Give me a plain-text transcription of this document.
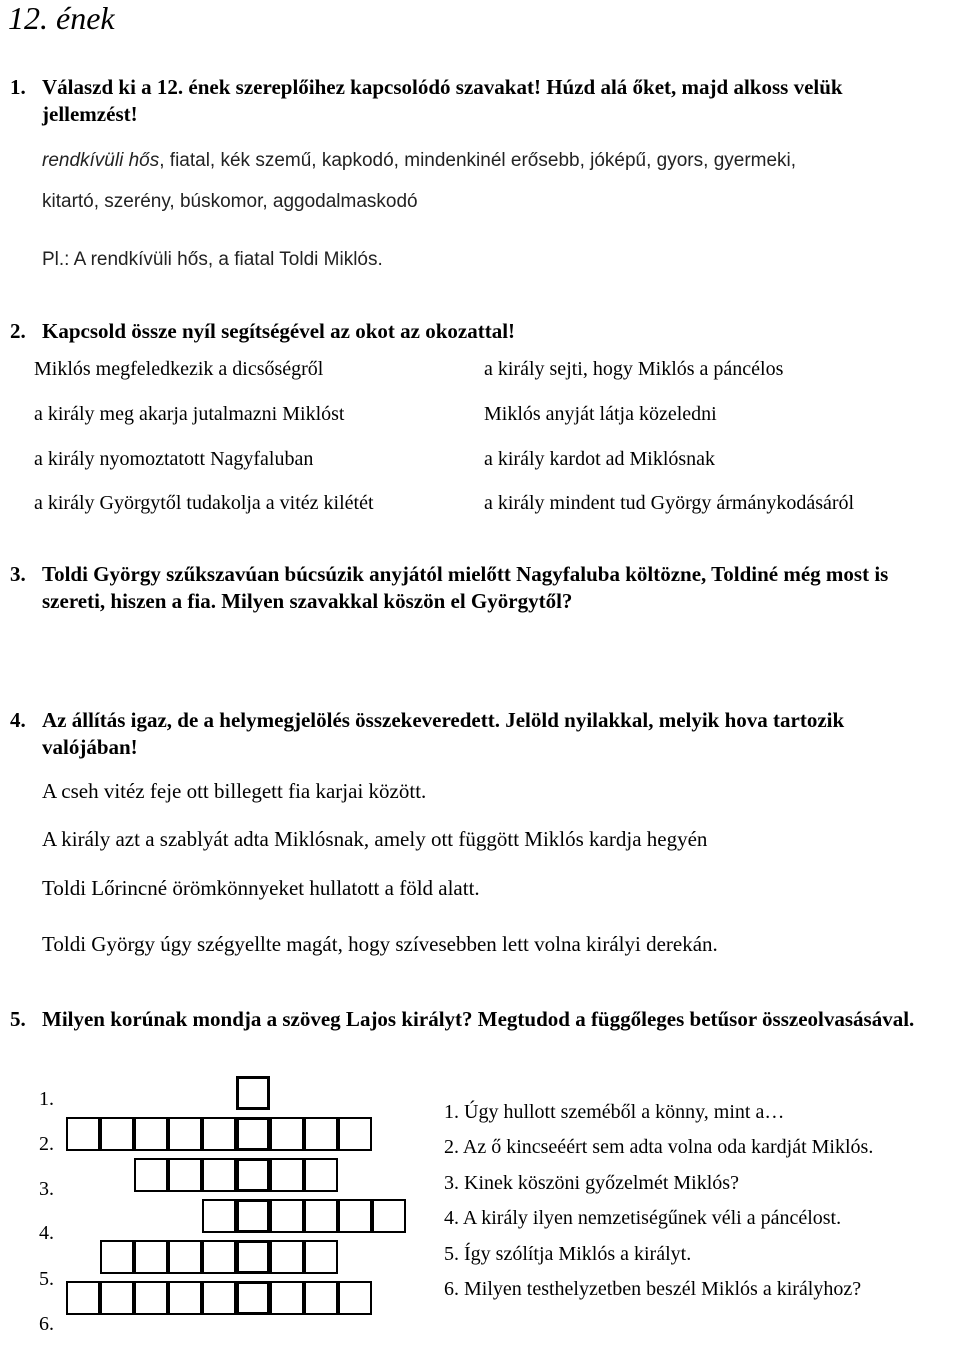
12. ének
1. Válaszd ki a 12. ének szereplőihez kapcsolódó szavakat! Húzd alá őket, majd alkoss velük jellemzést!
rendkívüli hős, fiatal, kék szemű, kapkodó, mindenkinél erősebb, jóképű, gyors, gyermeki,
kitartó, szerény, búskomor, aggodalmaskodó
Pl.: A rendkívüli hős, a fiatal Toldi Miklós.
2. Kapcsold össze nyíl segítségével az okot az okozattal!
Miklós megfeledkezik a dicsőségről
a király meg akarja jutalmazni Miklóst
a király nyomoztatott Nagyfaluban
a király Györgytől tudakolja a vitéz kilétét
a király sejti, hogy Miklós a páncélos
Miklós anyját látja közeledni
a király kardot ad Miklósnak
a király mindent tud György ármánykodásáról
3. Toldi György szűkszavúan búcsúzik anyjától mielőtt Nagyfaluba költözne, Toldiné még most is szereti, hiszen a fia. Milyen szavakkal köszön el Györgytől?
4. Az állítás igaz, de a helymegjelölés összekeveredett. Jelöld nyilakkal, melyik hova tartozik valójában!
A cseh vitéz feje ott billegett fia karjai között.
A király azt a szablyát adta Miklósnak, amely ott függött Miklós kardja hegyén
Toldi Lőrincné örömkönnyeket hullatott a föld alatt.
Toldi György úgy szégyellte magát, hogy szívesebben lett volna királyi derekán.
5. Milyen korúnak mondja a szöveg Lajos királyt? Megtudod a függőleges betűsor összeolvasásával.
1.
2.
3.
4.
5.
6.
1. Úgy hullott szeméből a könny, mint a…
2. Az ő kincseéért sem adta volna oda kardját Miklós.
3. Kinek köszöni győzelmét Miklós?
4. A király ilyen nemzetiségűnek véli a páncélost.
5. Így szólítja Miklós a királyt.
6. Milyen testhelyzetben beszél Miklós a királyhoz?
